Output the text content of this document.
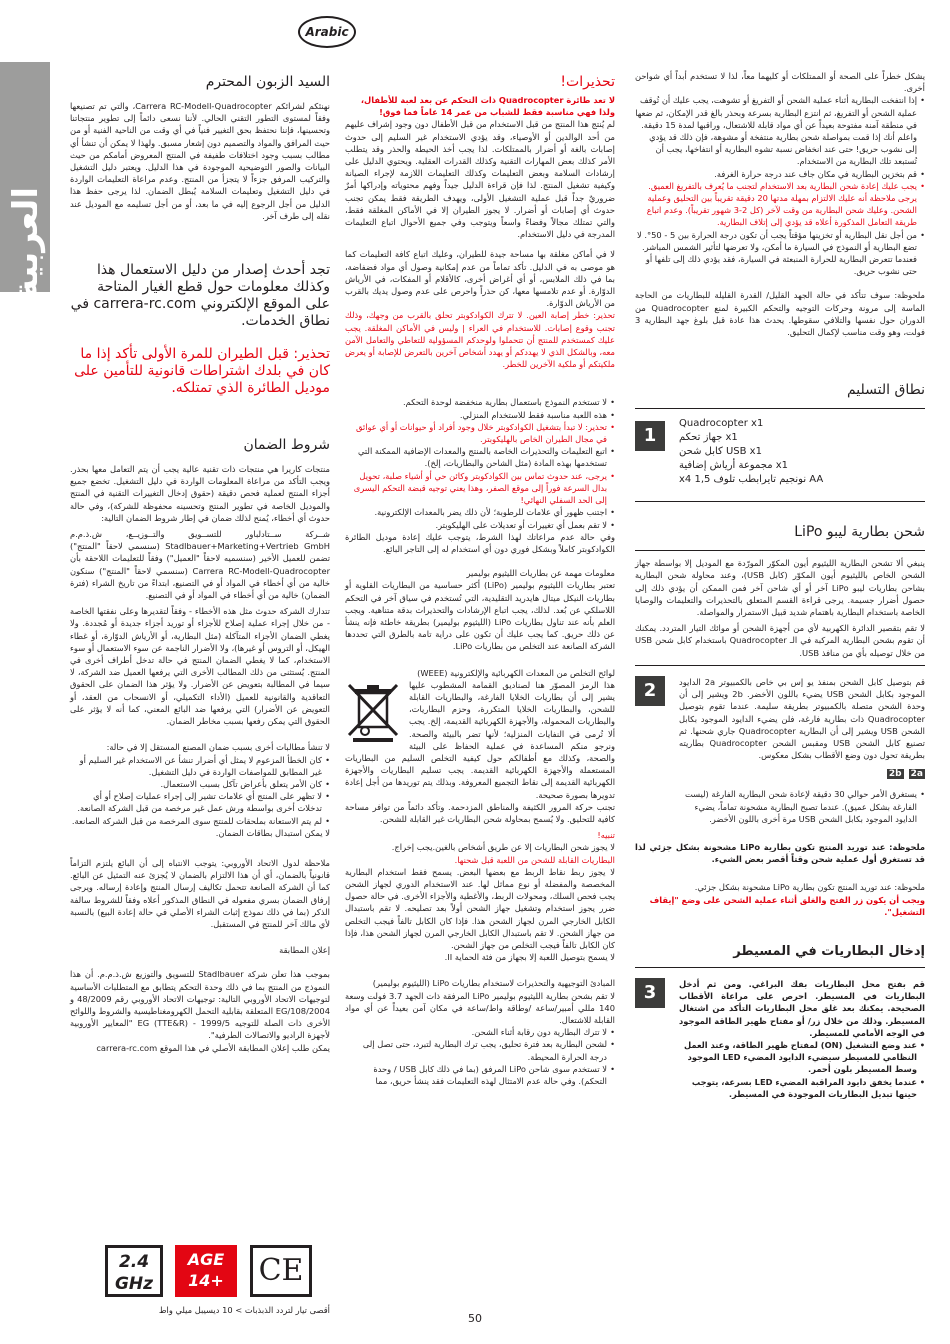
العربية
Arabic
السيد الزبون المحترم

نهنئكم لشرائكم Carrera RC-Modell-Quadrocopter، والتي تم تصنيعها وفقاً لمستوى التطور التقني الحالي. لأننا نسعى دائماً إلى تطوير منتجاتنا وتحسينها، فإننا نحتفظ بحق التغيير فنياً في أي وقت من الناحية الفنية أو من حيث المرافق والمواد والتصميم دون إشعار مسبق. ولهذا لا يمكن أن تنشأ أي مطالب بسبب وجود اختلافات طفيفة في المنتج المعروض أمامكم من حيث البيانات والصور التوضيحية الموجودة في هذا الدليل. ويعتبر دليل التشغيل والتركيب المرفق جزءاً لا يتجزأ من المنتج. وعدم مراعاة التعليمات الواردة في دليل التشغيل وتعليمات السلامة يُبطل الضمان. لذا يرجى حفظ هذا الدليل من أجل الرجوع إليه في ما بعد، أو من أجل تسليمه مع الموديل عند نقله إلى طرف آخر.

تجد أحدث إصدار من دليل الاستعمال هذا وكذلك معلومات حول قطع الغيار المتاحة على الموقع الإلكتروني carrera-rc.com في نطاق الخدمات.

تحذير: قبل الطيران للمرة الأولى تأكد إذا ما كان في بلدك اشتراطات قانونية للتأمين على موديل الطائرة الذي تمتلكه.

شروط الضمان

منتجات كاريرا هي منتجات ذات تقنية عالية يجب أن يتم التعامل معها بحذر. ويجب التأكد من مراعاة المعلومات الواردة في دليل التشغيل. تخضع جميع أجزاء المنتج لعملية فحص دقيقة (حقوق إدخال التغييرات التقنية في المنتج والموديل الخاصة في تطوير المنتج وتحسينه محفوظة للشركة)، وفي حالة حدوث أي أخطاء، يُمنح لذلك ضمان في إطار شروط الضمان التالية:

شــركة ســتادلباور للتســويق والتــوزيــع، ش.ذ.م.م Stadlbauer+Marketing+Vertrieb GmbH (سنسمي لاحقاً "المنتج") تضمن للعميل الأخير (سنسميه لاحقاً "العميل") وفقاً للتعليمات اللاحقة بأن Carrera RC-Modell-Quadrocopter (سنسمي لاحقاً "المنتج") سنكون خالية من أي أخطاء في المواد أو في التصنيع، ابتداءً من تاريخ الشراء (فترة الضمان) خالية من أي أخطاء في المواد أو في التصنيع.

تتدارك الشركة حدوث مثل هذه الأخطاء - وفقاً لتقديرها وعلى نفقتها الخاصة - من خلال إجراء عملية إصلاح للأجزاء أو توريد أجزاء جديدة أو مُجددة. ولا يغطي الضمان الأجزاء المتآكلة (مثل البطارية، أو الأرياش الدوّارة، أو غطاء الهيكل، أو التروس أو غيرها)، ولا الأضرار الناجمة عن سوء الاستعمال أو سوء الاستخدام، كما لا يغطي الضمان المنتج في حالة تدخل أطراف أخرى في المنتج. يُستثنى من ذلك المطالب الأخرى التي يرفعها العميل ضد الشركة، لا سيما في المطالبة بتعويض عن الأضرار. ولا يؤثر هذا الضمان على الحقوق التعاقدية والقانونية للعميل (الأداء التكميلي، أو الانسحاب من العقد، أو التعويض عن الأضرار) التي يرفعها ضد البائع المعني، كما أنه لا يؤثر على الحقوق التي يمكن رفعها بسبب مخاطر الضمان.

لا تنشأ مطالبات أخرى بسبب ضمان المصنع المستقل إلا في حالة:

• كان الخطأ المزعوم لا يمثل أي أضرار تنشأ عن الاستخدام غير السليم أو غير المطابق للمواصفات الواردة في دليل التشغيل.
• كان الأمر يتعلق بأعراض تآكل بسبب الاستعمال.
• لا تظهر على المنتج أي علامات تشير إلى إجراء عمليات إصلاح أو أي تدخلات أخرى بواسطة ورش عمل غير مرخصة من قبل الشركة الصانعة.
• لم يتم الاستعانة بملحقات للمنتج سوى المرخصة من قبل الشركة الصانعة.

لا يمكن استبدال بطاقات الضمان.

ملاحظة لدول الاتحاد الأوروبي: يتوجب الانتباه إلى أن البائع يلتزم التزاماً قانونياً بالضمان، أي أن هذا الالتزام بالضمان لا يُجزئ عنه التمثيل عن البائع. كما أن الشركة الصانعة تتحمل تكاليف إرسال المنتج وإعادة إرساله. ويرجى إرفاق الضمان بسري مفعوله في النطاق المذكور أعلاه وفقاً للشروط سالفة الذكر (بما في ذلك نموذج إثبات الشراء الأصلي في حالة إعادة البيع) بالنسبة لأي مالك آخر للمنتج في المستقبل.

إعلان المطابقة

بموجب هذا تعلن شركة Stadlbauer للتسويق والتوزيع ش.ذ.م.م. أن هذا النموذج من المنتج بما في ذلك وحدة التحكم يتطابق مع المتطلبات الأساسية لتوجيهات الاتحاد الأوروبي التالية: توجيهات الاتحاد الأوروبي رقم 48/2009 و EG/108/2004 المتعلقة بقابلية التحمل الكهرومغناطيسية والشروط واللوائح الأخرى ذات الصلة للتوجيه 1999/5 - EG (TTE&R) "المعايير الأوروبية لأجهزة الراديو والاتصالات الطرفية".

يمكن طلب إعلان المطابقة الأصلي في هذا الموقع carrera-rc.com

2.4
GHz
AGE
14+	CE

أقصى تيار لتردد الذبذبات > 10 ديسيبل ميلي واط

تحذيرات!

لا تعد طائرة Quadrocopter ذات التحكم عن بعد لعبة للأطفال، ولذا فهي مناسبة فقط للشباب من عمر 14 عاماً فما فوق!

لم يُنتج هذا المنتج من قبل الاستخدام من قبل الأطفال دون وجود إشراف عليهم من أحد الوالدين أو الأوصياء، وقد يؤدي الاستخدام غير السليم إلى حدوث إصابات بالغة أو أضرار بالممتلكات. لذا يجب أخذ الحيطة والحذر وقد يتطلب الأمر كذلك بعض المهارات التقنية وكذلك القدرات العقلية. ويحتوي الدليل على إرشادات السلامة وبعض التعليمات وكذلك التعليمات اللازمة لإجراء الصيانة وكيفية تشغيل المنتج. لذا فإن قراءة الدليل جيداً وفهم محتوياته وإدراكها أمرٌ ضروريٌ جداً قبل عملية التشغيل الأولى، ويهدف الطريقة فقط يمكن تجنب حدوث أي إصابات أو أضرار. لا يجوز الطيران إلا في الأماكن المغلقة فقط، والتي تمتلك مجالاً وفضاءً واسعاً ويتوجب وفي جميع الأحوال اتباع التعليمات المدرجة في دليل الاستخدام.

لا في أماكن مغلقة بها مساحة جيدة للطيران، وعليك اتباع كافة التعليمات كما هو موصى به في الدليل. تأكد تماماً من عدم إمكانية وصول أي مواد فضفاضة، بما في ذلك الملابس، أو أي أغراض أخرى، كالأقلام أو المفكات، في الأرياش الدوّارة. أو عدم تلامسها معها، كن حذراً واحرص على عدم وصول يديك بالقرب من الأرياش الدوّارة.

تحذير: خطر إصابة العين. لا تترك الكوادكوبتر تحلق بالقرب من وجهك، وذلك تجنب وقوع إصابات. للاستخدام في العراء | وليس في الأماكن المغلقة. يجب عليك كمستخدم للمنتج أن تتحملوا ولوحدكم المسؤولية للتعاطي والتعامل الآمن معه، وبالشكل الذي لا يهددكم أو يهدد أشخاص آخرين بالتعرض للإصابة أو يعرض ملكيتكم أو ملكية الآخرين للخطر.

• لا تستخدم النموذج باستعمال بطارية منخفضة لوحدة التحكم.
• هذه اللعبة مناسبة فقط للاستخدام المنزلي.
• تحذير: لا تبدأ بتشغيل الكوادكوبتر خلال وجود أفراد أو حيوانات أو أي عوائق في مجال الطيران الخاص بالهليكوبتر.
• اتبع التعليمات والتحذيرات الخاصة بالمنتج والمعدات الإضافية الممكنة التي تستخدمها بهذه المادة (مثل الشاحن والبطاريات، إلخ).
• يرجى، عند حدوث تماس بين الكوادكوبتر وكائن حي أو أشياء صلبة، تحويل بدال السرعة فوراً إلى موقع الصفر، وهذا يعني توجيه قبضة التحكم اليسرى إلى الحد السفلي النهائي!
• اجتنب ظهور أي علامات للرطوبة؛ لأن ذلك يضر بالمعدات الإلكترونية.
• لا تقم بعمل أي تغييرات أو تعديلات على الهليكوبتر.

وفي حالة عدم مراعاتك لهذا الشرط، يتوجب عليك إعادة موديل الطائرة الكوادكوبتر كاملاً وبشكل فوري دون أي استخدام له إلى التاجر البائع.

معلومات مهمة عن بطاريات الليثيوم بوليمير

تعتبر بطاريات الليثيوم بوليمير (LiPo) أكثر حساسية من البطاريات القلوية أو بطاريات النيكل ميتال هايدريد التقليدية، التي تُستخدم في سياق آخر في التحكم اللاسلكي عن بُعد. لذلك، يجب اتباع الإرشادات والتحذيرات بدقة متناهية. ويجب العلم بأنه عند تناول بطاريات LiPo (الليثيوم بوليمير) بطريقة خاطئة فإنه ينشأ عن ذلك حريق. كما يجب عليك أن تكون على دراية تامة بالطرق التي تحددها الشركة الصانعة عند التخلص من بطاريات LiPo.

لوائح التخلص من المعدات الكهربائية والإلكترونية (WEEE)

هذا الرمز المصوّر هنا لصناديق القمامة المشطوب عليها يشير إلى أن بطاريات الخلايا الفارغة، والبطاريات القابلة للشحن، والبطاريات الخلايا المتكررة، وحزم البطاريات، والبطاريات المحمولة، والأجهزة الكهربائية القديمة، إلخ. يجب ألا تُرمى في النفايات المنزلية؛ لأنها تضر بالبيئة والصحة. ونرجو منكم المساعدة في عملية الحفاظ على البيئة والصحة، وكذلك مع أطفالكم حول كيفية التخلص السليم من البطاريات المستعملة والأجهزة الكهربائية القديمة. يجب تسليم البطاريات والأجهزة الكهربائية القديمة إلى نقاط التجميع المعروفة. وبذلك يتم توريدها من أجل إعادة تدويرها بصورة صحيحة.

تجنب حركة المرور الكثيفة والمناطق المزدحمة. وتأكد دائماً من توافر مساحة كافية للتحليق. ولا يُسمح بمحاولة شحن البطاريات غير القابلة للشحن.

تنبيه!

لا يجوز شحن البطاريات إلا عن طريق أشخاص بالغين.يجب إخراج.

البطاريات القابلة للشحن من اللعبة قبل شحنها.

لا يجوز ربط نقاط الربط مع بعضها البعض. يسمح فقط استخدام البطارية المخصصة والمفضلة أو نوع مماثل لها. عند الاستخدام الدوري لجهاز الشحن يجب فحص السلك، ومحولات الربط، والأغطية والأجزاء الأخرى. في حالة حصول ضرر يجوز استخدام وتشغيل جهاز الشحن أولاً بعد تصليحه. لا تقم باستبدال الكابل الخارجي المرن لجهاز الشحن هذا. فإذا كان الكابل تالفاً فيجب التخلص من جهاز الشحن. لا تقم باستبدال الكابل الخارجي المرن لجهاز الشحن هذا، فإذا كان الكابل تالفاً فيجب التخلص من جهاز الشحن.

لا يسمح بتوصيل اللعبة إلا بجهاز من فئة الحماية II.

المبادئ التوجيهية والتحذيرات لاستخدام بطاريات LiPo (الليثيوم بوليمير)

لا تقم بشحن بطارية الليثيوم بوليمير LiPo المرفقة ذات الجهد 3.7 فولت وسعة 140 مللي أمبير/ساعة /وطاقة واط/ساعة في مكان آمن بعيداً عن أي مواد القابلة للاشتعال.

• لا تترك البطارية دون رقابة أثناء الشحن.
• لشحن البطارية بعد فترة تحليق، يجب ترك البطارية لتبرد، حتى تصل إلى درجة الحرارة المحيطة.
• لا تستخدم سوى شاحن LiPo المرفق (بما في ذلك كابل USB / وحدة التحكم). وفي حالة عدم الامتثال لهذه التعليمات فقد ينشأ حريق، مما

يشكل خطراً على الصحة أو الممتلكات أو كليهما معاً، لذا لا تستخدم أبداً أي شواحن أخرى.

• إذا انتفخت البطارية أثناء عملية الشحن أو التفريغ أو تشوهت، يجب عليك أن تُوقف عملية الشحن أو التفريغ، ثم انتزع البطارية بسرعة وبحذر بالغ قدر الإمكان، ثم ضعها في منطقة آمنة مفتوحة بعيداً عن أي مواد قابلة للاشتعال، وراقبها لمدة 15 دقيقة. واعلم أنك إذا قمت بمواصلة شحن بطارية منتفخة أو مشوهة، فإن ذلك قد يؤدي إلى نشوب حريق! حتى عند انخفاض نسبة تشوه البطارية أو انتفاخها، يجب أن تُستبعد تلك البطارية من الاستخدام.
• قم بتخزين البطارية في مكان جاف عند درجة حرارة الغرفة.
• يجب عليك إعادة شحن البطارية بعد الاستخدام لتجنب ما يُعرف بالتفريغ العميق. يرجى ملاحظة أنه عليك الالتزام بمهلة مدتها 20 دقيقة تقريباً بين التحليق وعملية الشحن. وعليك شحن البطارية من وقت لآخر (كل 2-3 شهور تقريباً). وعدم اتباع طريقة التعامل المذكورة أعلاه قد يؤدي إلى إتلاف البطارية.
• من أجل نقل البطارية أو تخزينها مؤقتاً يجب أن تكون درجة الحرارة بين 5 - 50°. لا تضع البطارية أو النموذج في السيارة ما أمكن، ولا تعرضها لتأثير الشمس المباشر. فعندما تتعرض البطارية للحرارة المنبعثة في السيارة، فقد يؤدي ذلك إلى تلفها أو حتى نشوب حريق.

ملحوظة: سوف تتأكد في حالة الجهد القليل/ القدرة القليلة للبطاريات من الحاجة الماسة إلى مرونة وحركات التوجيه والتحكم الكبيرة لمنع Quadrocopter من الدوران حول نفسها والتلافي سقوطها. يحدث هذا عادة قبل بلوغ جهد البطارية 3 فولت، وهو وقت مناسب لإكمال التحليق.

نطاق التسليم
1
Quadrocopter x1
جهاز تحكم x1
كابل شحن USB x1
مجموعة أرياش إضافية x1
x4 1,5 نونجيم تايرابطب تلوف AA
شحن بطارية ليبو LiPo

ينبغي ألا تشحن البطارية الليثيوم أيون المكوّر المورّدة مع الموديل إلا بواسطة جهاز الشحن الخاص بالليثيوم أيون المكوّر (كابل USB)، وعند محاولة شحن البطارية بشاحن بطاريات ليبو LiPo آخر أو أي شاحن آخر فمن الممكن أن يؤدي ذلك إلى حصول أضرار جسيمة. يرجى قراءة القسم المتعلق بالتحذيرات والتعليمات والوصايا الخاصة باستخدام البطارية باهتمام شديد قبيل الاستمرار والمواصلة.

لا تقم بتقصير الدائرة الكهربية لأي من أجهزة الشحن أو موائك التيار المتردد. يمكنك أن تقوم بشحن البطارية المركبة في الـ Quadrocopter باستخدام كابل شحن USB من خلال توصيله بأي من منافذ USB.

2	قم بتوصيل كابل الشحن بمنفذ يو إس بي خاص بالكمبيوتر 2a الدايود الموجود بكابل الشحن USB يضيء باللون الأخضر. 2b ويشير إلى أن وحدة الشحن متصلة بالكمبيوتر بطريقة سليمة. عندما تقوم بتوصيل Quadrocopter ذات بطارية فارغة، فلن يضيء الدايود الموجود بكابل الشحن USB ويشير إلى أن البطارية Quadrocopter جاري شحنها. ثم تصنيع كابل الشحن USB ومقبس الشحن Quadrocopter بطاريته بطريقة تحول دون وضع الأقطاب بشكل معكوس.

2a 2b
• يستغرق الأمر حوالي 30 دقيقة لإعادة شحن البطارية الفارغة (ليست الفارغة بشكل عميق). عندما تصبح البطارية مشحونة تماماً، يضيء الدايود الموجود بكابل الشحن USB مرة أخرى باللون الأخضر.

ملحوظة: عند توريد المنتج تكون بطارية LiPo مشحونة بشكل جزئي لذا قد تستغرق أول عملية شحن وقتاً أقصر بعض الشيء.

ملحوظة: عند توريد المنتج تكون بطارية LiPo مشحونة بشكل جزئي.

ويجب أن يكون زر الفتح والغلق أثناء عملية الشحن على وضع "إيقاف التشغيل".

إدخال البطاريات في المسيطر
3	قم بفتح محل البطاريات بفك البراغي. ومن ثم أدخل البطاريات في المسيطر. احرص على مراعاة الأقطاب الصحيحة. يمكنك بعد غلق محل البطاريات التأكد من اشتغال المسيطر. وذلك من خلال زر/ أو مفتاح ظهير الطاقة الموجود في الوجه الأمامي للمسيطر.

• عند وضع التشغيل (ON) لمفتاح ظهير الطاقة، وعند العمل النظامي للمسيطر سيضيء الدايود المضيء LED الموجود وسط المسيطر بلون أحمر.
• عندما يخفق دايود المراقبة المضيء LED بسرعة، يتوجب حينها تبديل البطاريات الموجودة في المسيطر.
50
